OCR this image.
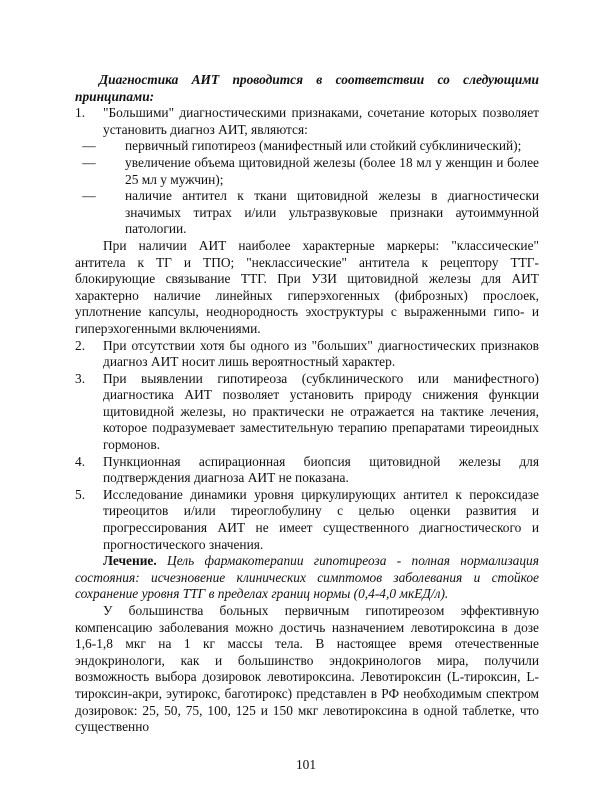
Диагностика АИТ проводится в соответствии со следующими принципами:

1. "Большими" диагностическими признаками, сочетание которых позволяет установить диагноз АИТ, являются:
—	первичный гипотиреоз (манифестный или стойкий субклинический);
—	увеличение объема щитовидной железы (более 18 мл у женщин и более 25 мл у мужчин);
—	наличие антител к ткани щитовидной железы в диагностически значимых титрах и/или ультразвуковые признаки аутоиммунной патологии.

При наличии АИТ наиболее характерные маркеры: "классические" антитела к ТГ и ТПО; "неклассические" антитела к рецептору ТТГ- блокирующие связывание ТТГ. При УЗИ щитовидной железы для АИТ характерно наличие линейных гиперэхогенных (фиброзных) прослоек, уплотнение капсулы, неоднородность эхоструктуры с выраженными гипо- и гиперэхогенными включениями.

2. При отсутствии хотя бы одного из "больших" диагностических признаков диагноз АИТ носит лишь вероятностный характер.
3. При выявлении гипотиреоза (субклинического или манифестного) диагностика АИТ позволяет установить природу снижения функции щитовидной железы, но практически не отражается на тактике лечения, которое подразумевает заместительную терапию препаратами тиреоидных гормонов.
4. Пункционная аспирационная биопсия щитовидной железы для подтверждения диагноза АИТ не показана.
5. Исследование динамики уровня циркулирующих антител к пероксидазе тиреоцитов и/или тиреоглобулину с целью оценки развития и прогрессирования АИТ не имеет существенного диагностического и прогностического значения.

Лечение. Цель фармакотерапии гипотиреоза - полная нормализация состояния: исчезновение клинических симптомов заболевания и стойкое сохранение уровня ТТГ в пределах границ нормы (0,4-4,0 мкЕД/л).

У большинства больных первичным гипотиреозом эффективную компенсацию заболевания можно достичь назначением левотироксина в дозе 1,6-1,8 мкг на 1 кг массы тела. В настоящее время отечественные эндокринологи, как и большинство эндокринологов мира, получили возможность выбора дозировок левотироксина. Левотироксин (L-тироксин, L-тироксин-акри, эутирокс, баготирокс) представлен в РФ необходимым спектром дозировок: 25, 50, 75, 100, 125 и 150 мкг левотироксина в одной таблетке, что существенно

101
